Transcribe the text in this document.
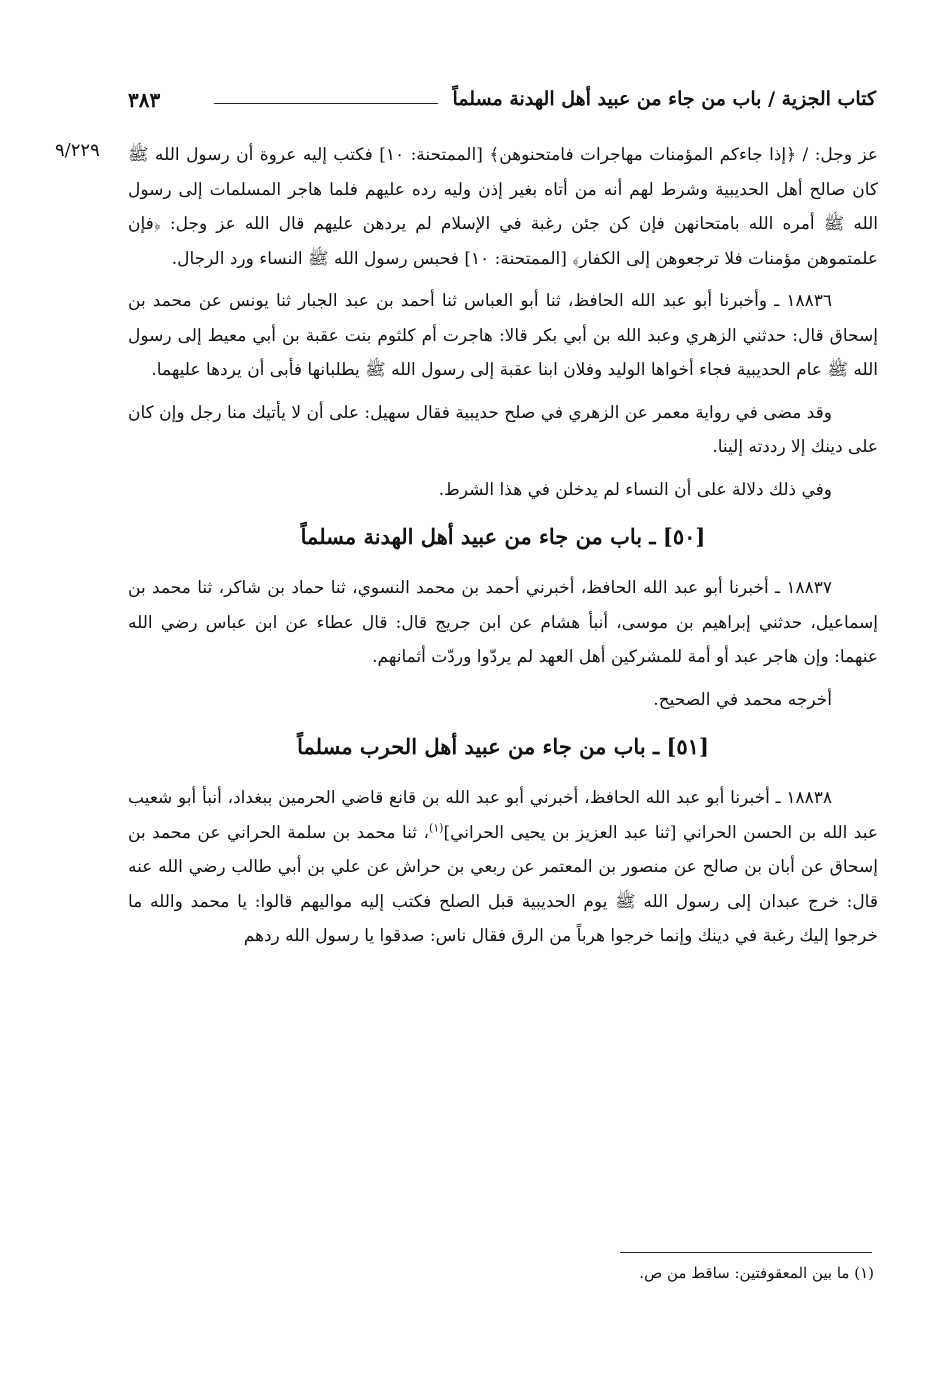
كتاب الجزية / باب من جاء من عبيد أهل الهدنة مسلماً
٣٨٣
٩/٢٢٩	عز وجل: / ﴿إذا جاءكم المؤمنات مهاجرات فامتحنوهن﴾ [الممتحنة: ١٠] فكتب إليه عروة أن رسول الله ﷺ كان صالح أهل الحديبية وشرط لهم أنه من أتاه بغير إذن وليه رده عليهم فلما هاجر المسلمات إلى رسول الله ﷺ أمره الله بامتحانهن فإن كن جئن رغبة في الإسلام لم يردهن عليهم قال الله عز وجل: ﴿فإن علمتموهن مؤمنات فلا ترجعوهن إلى الكفار﴾ [الممتحنة: ١٠] فحبس رسول الله ﷺ النساء ورد الرجال.

١٨٨٣٦ ـ وأخبرنا أبو عبد الله الحافظ، ثنا أبو العباس ثنا أحمد بن عبد الجبار ثنا يونس عن محمد بن إسحاق قال: حدثني الزهري وعبد الله بن أبي بكر قالا: هاجرت أم كلثوم بنت عقبة بن أبي معيط إلى رسول الله ﷺ عام الحديبية فجاء أخواها الوليد وفلان ابنا عقبة إلى رسول الله ﷺ يطلبانها فأبى أن يردها عليهما.

وقد مضى في رواية معمر عن الزهري في صلح حديبية فقال سهيل: على أن لا يأتيك منا رجل وإن كان على دينك إلا رددته إلينا.

وفي ذلك دلالة على أن النساء لم يدخلن في هذا الشرط.

[٥٠] ـ باب من جاء من عبيد أهل الهدنة مسلماً

١٨٨٣٧ ـ أخبرنا أبو عبد الله الحافظ، أخبرني أحمد بن محمد النسوي، ثنا حماد بن شاكر، ثنا محمد بن إسماعيل، حدثني إبراهيم بن موسى، أنبأ هشام عن ابن جريج قال: قال عطاء عن ابن عباس رضي الله عنهما: وإن هاجر عبد أو أمة للمشركين أهل العهد لم يردّوا وردّت أثمانهم.

أخرجه محمد في الصحيح.

[٥١] ـ باب من جاء من عبيد أهل الحرب مسلماً

١٨٨٣٨ ـ أخبرنا أبو عبد الله الحافظ، أخبرني أبو عبد الله بن قانع قاضي الحرمين ببغداد، أنبأ أبو شعيب عبد الله بن الحسن الحراني [ثنا عبد العزيز بن يحيى الحراني]$^{(١)}$، ثنا محمد بن سلمة الحراني عن محمد بن إسحاق عن أبان بن صالح عن منصور بن المعتمر عن ربعي بن حراش عن علي بن أبي طالب رضي الله عنه قال: خرج عبدان إلى رسول الله ﷺ يوم الحديبية قبل الصلح فكتب إليه مواليهم قالوا: يا محمد والله ما خرجوا إليك رغبة في دينك وإنما خرجوا هرباً من الرق فقال ناس: صدقوا يا رسول الله ردهم

(١) ما بين المعقوفتين: ساقط من ص.
